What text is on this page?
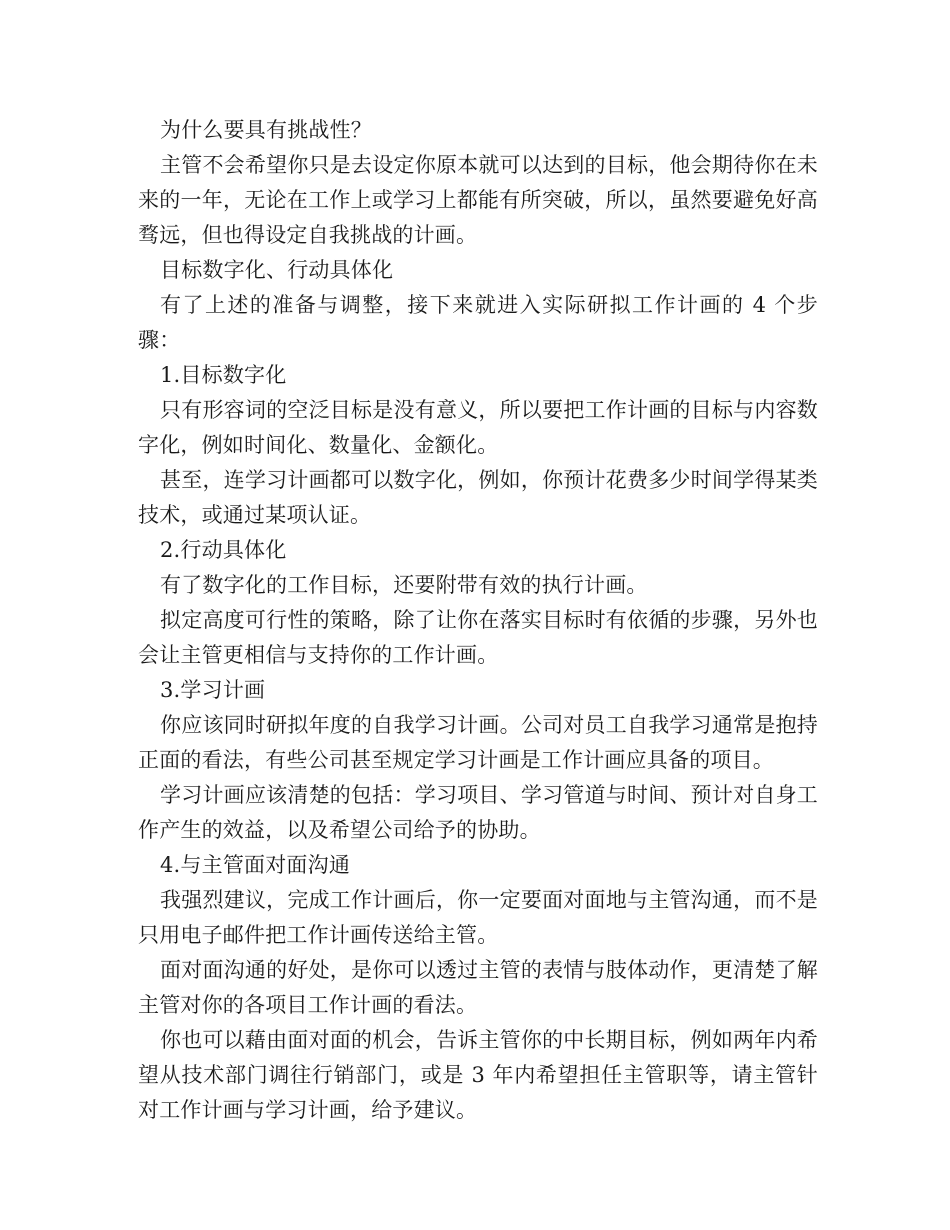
为什么要具有挑战性？

主管不会希望你只是去设定你原本就可以达到的目标，他会期待你在未来的一年，无论在工作上或学习上都能有所突破，所以，虽然要避免好高骛远，但也得设定自我挑战的计画。

目标数字化、行动具体化

有了上述的准备与调整，接下来就进入实际研拟工作计画的 4 个步骤：

1.目标数字化

只有形容词的空泛目标是没有意义，所以要把工作计画的目标与内容数字化，例如时间化、数量化、金额化。

甚至，连学习计画都可以数字化，例如，你预计花费多少时间学得某类技术，或通过某项认证。

2.行动具体化

有了数字化的工作目标，还要附带有效的执行计画。

拟定高度可行性的策略，除了让你在落实目标时有依循的步骤，另外也会让主管更相信与支持你的工作计画。

3.学习计画

你应该同时研拟年度的自我学习计画。公司对员工自我学习通常是抱持正面的看法，有些公司甚至规定学习计画是工作计画应具备的项目。

学习计画应该清楚的包括：学习项目、学习管道与时间、预计对自身工作产生的效益，以及希望公司给予的协助。

4.与主管面对面沟通

我强烈建议，完成工作计画后，你一定要面对面地与主管沟通，而不是只用电子邮件把工作计画传送给主管。

面对面沟通的好处，是你可以透过主管的表情与肢体动作，更清楚了解主管对你的各项目工作计画的看法。

你也可以藉由面对面的机会，告诉主管你的中长期目标，例如两年内希望从技术部门调往行销部门，或是 3 年内希望担任主管职等，请主管针对工作计画与学习计画，给予建议。
